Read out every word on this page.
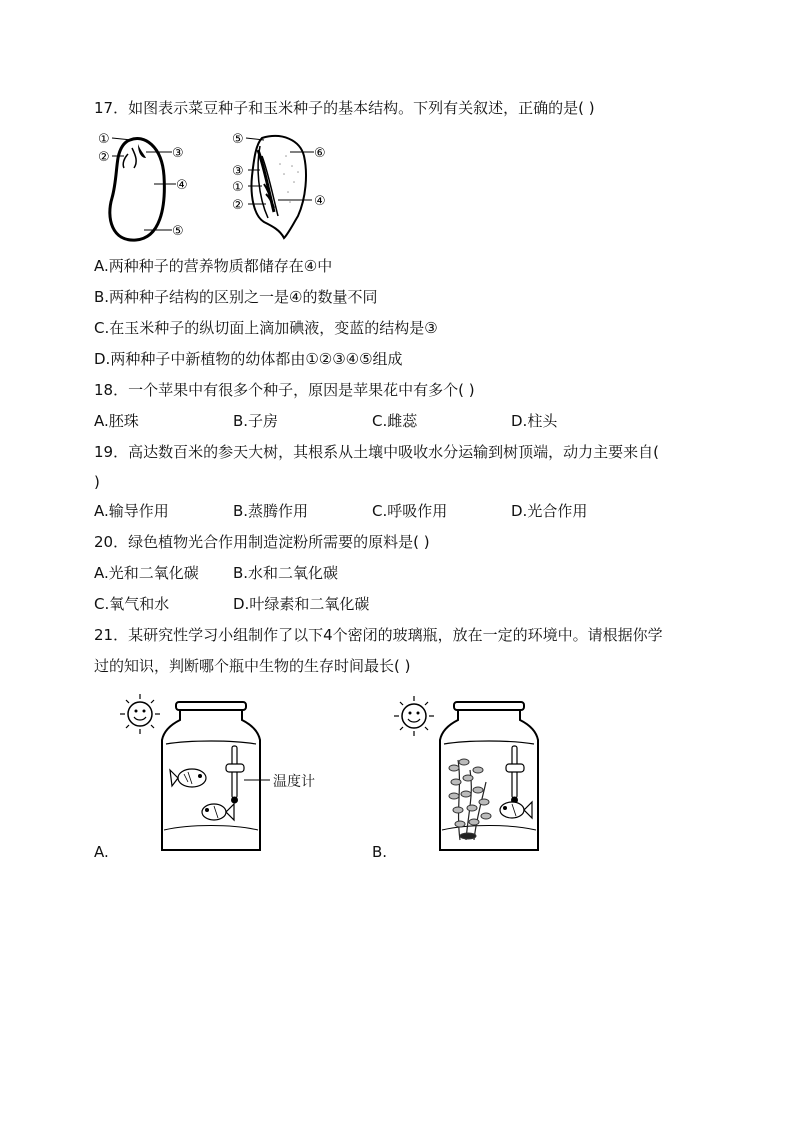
17．如图表示菜豆种子和玉米种子的基本结构。下列有关叙述，正确的是( )
①
②	③
④
⑤
⑤
⑥
③
①
②	④
A.两种种子的营养物质都储存在④中
B.两种种子结构的区别之一是④的数量不同
C.在玉米种子的纵切面上滴加碘液，变蓝的结构是③
D.两种种子中新植物的幼体都由①②③④⑤组成
18．一个苹果中有很多个种子，原因是苹果花中有多个( )
A.胚珠	B.子房	C.雌蕊	D.柱头
19．高达数百米的参天大树，其根系从土壤中吸收水分运输到树顶端，动力主要来自(
)
A.输导作用	B.蒸腾作用	C.呼吸作用	D.光合作用
20．绿色植物光合作用制造淀粉所需要的原料是( )
A.光和二氧化碳 B.水和二氧化碳
C.氧气和水	D.叶绿素和二氧化碳
21．某研究性学习小组制作了以下4个密闭的玻璃瓶，放在一定的环境中。请根据你学
过的知识，判断哪个瓶中生物的生存时间最长( )
温度计
A.	B.
